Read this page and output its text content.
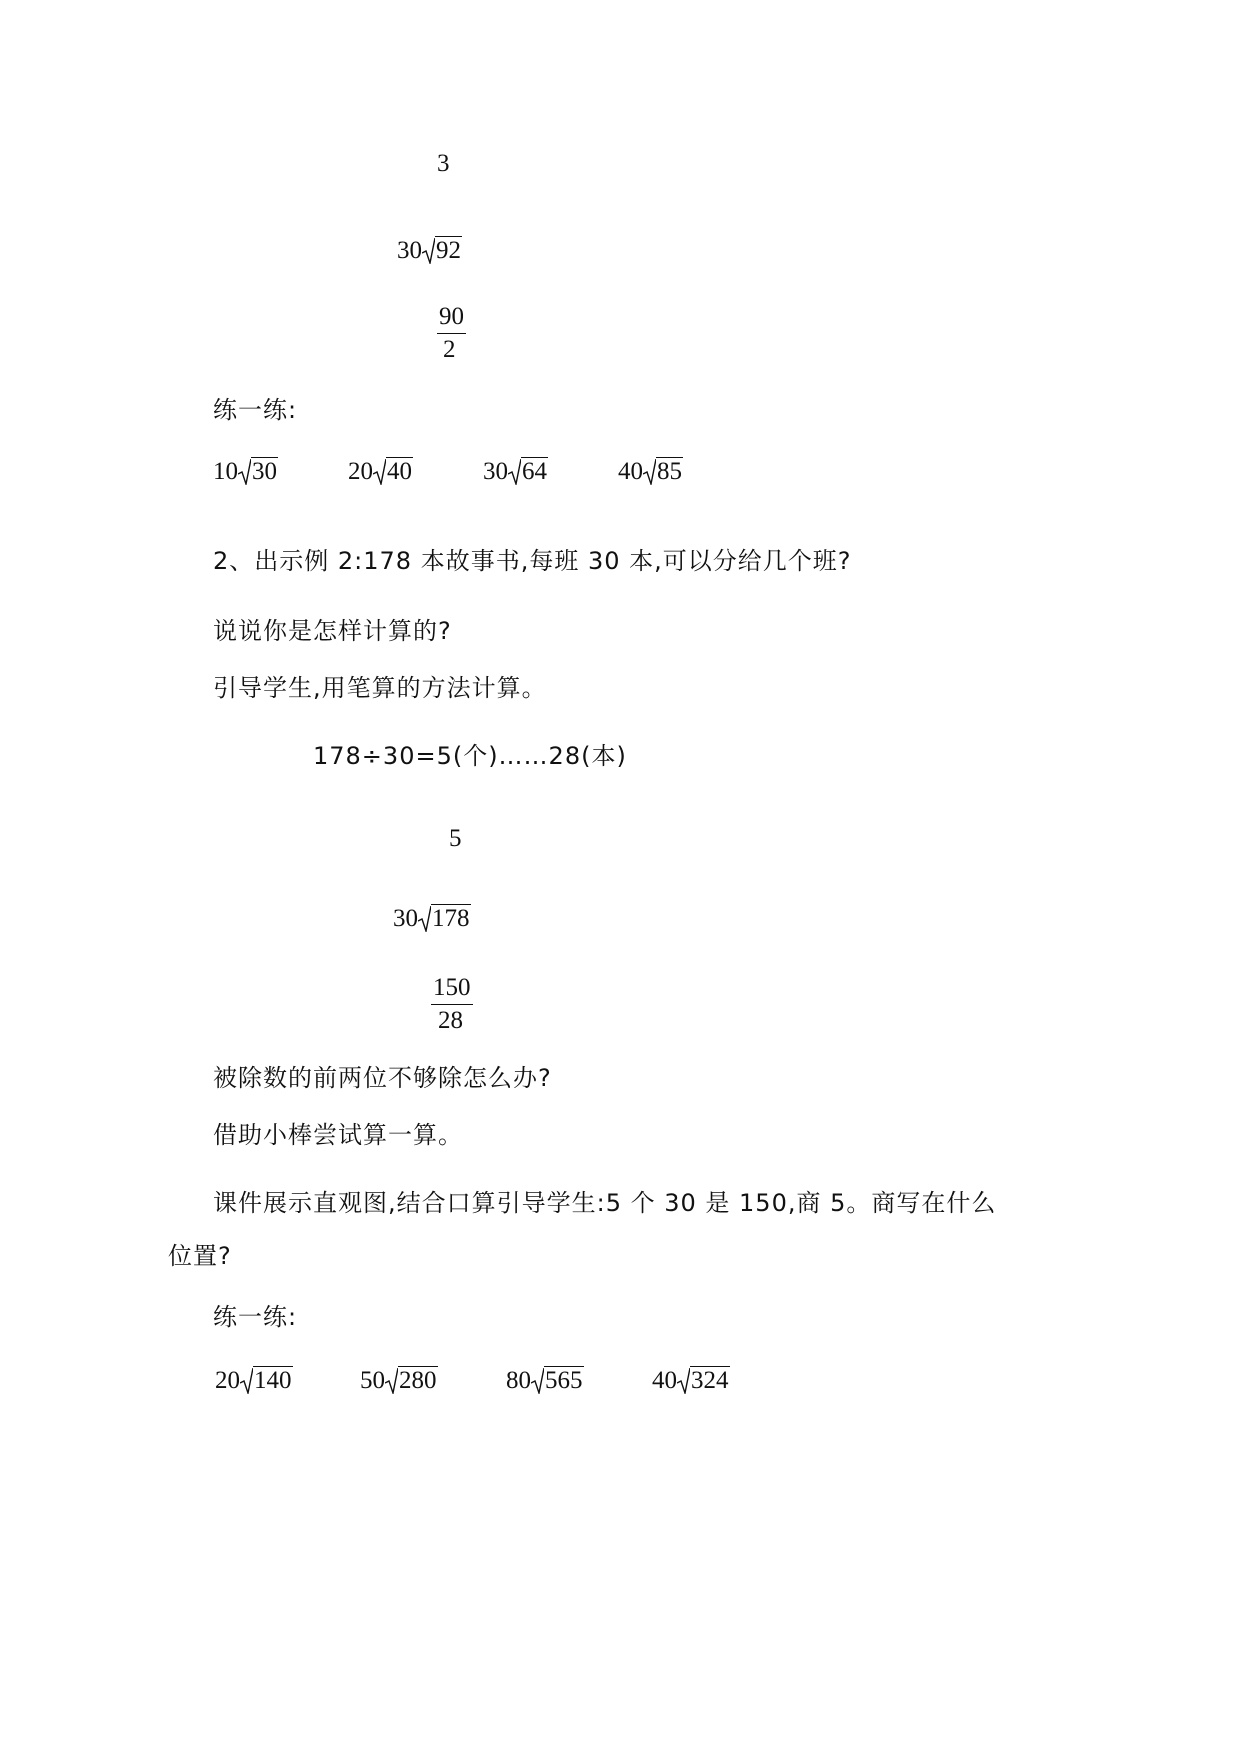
3
30 92
90
2
练一练:
10 30	20 40	30 64	40 85
2、出示例 2:178 本故事书,每班 30 本,可以分给几个班?
说说你是怎样计算的?
引导学生,用笔算的方法计算。
178÷30=5(个)……28(本)
5
30 178
150
28
被除数的前两位不够除怎么办?
借助小棒尝试算一算。
课件展示直观图,结合口算引导学生:5 个 30 是 150,商 5。商写在什么
位置?
练一练:
20 140	50 280	80 565	40 324
